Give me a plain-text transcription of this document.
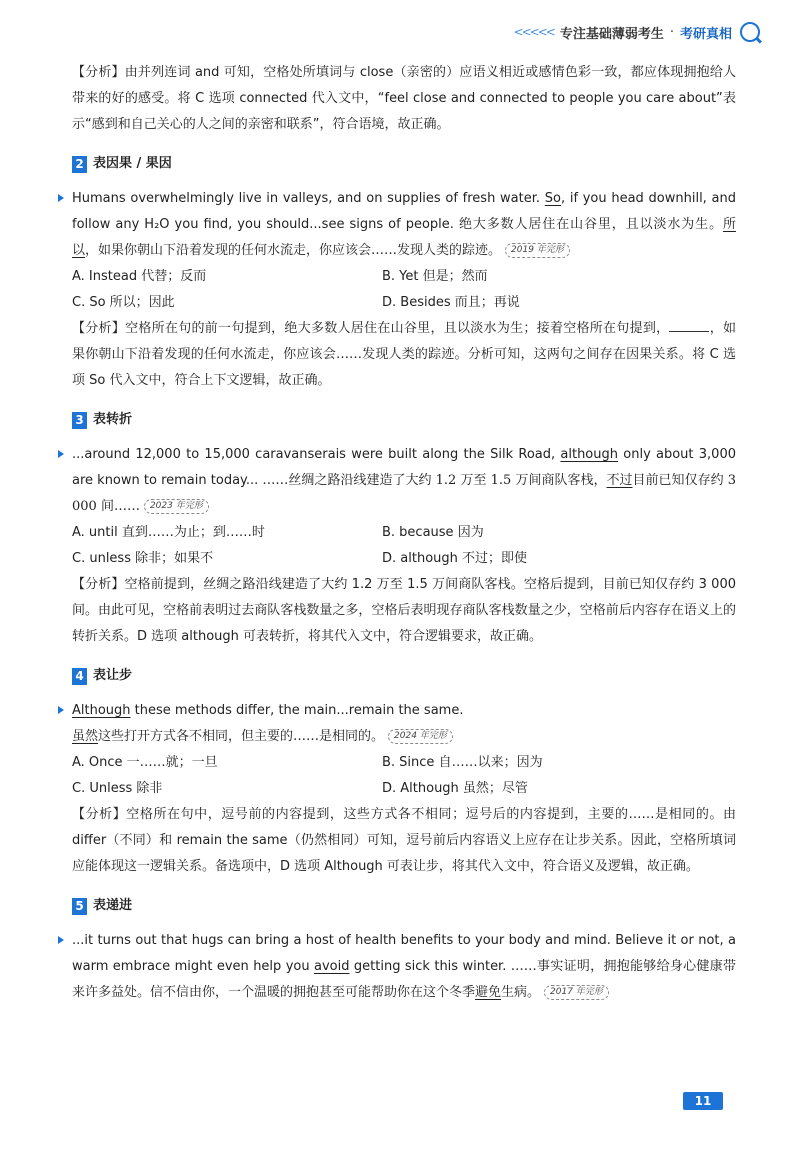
<<<<< 专注基础薄弱考生 · 考研真相

【分析】由并列连词 and 可知，空格处所填词与 close（亲密的）应语义相近或感情色彩一致，都应体现拥抱给人带来的好的感受。将 C 选项 connected 代入文中，“feel close and connected to people you care about”表示“感到和自己关心的人之间的亲密和联系”，符合语境，故正确。

2 表因果 / 果因

Humans overwhelmingly live in valleys, and on supplies of fresh water. So, if you head downhill, and follow any H₂O you find, you should...see signs of people. 绝大多数人居住在山谷里，且以淡水为生。所以，如果你朝山下沿着发现的任何水流走，你应该会……发现人类的踪迹。 2019 年完形

A. Instead 代替；反而	B. Yet 但是；然而
C. So 所以；因此	D. Besides 而且；再说

【分析】空格所在句的前一句提到，绝大多数人居住在山谷里，且以淡水为生；接着空格所在句提到，	，如果你朝山下沿着发现的任何水流走，你应该会……发现人类的踪迹。分析可知，这两句之间存在因果关系。将 C 选项 So 代入文中，符合上下文逻辑，故正确。

3 表转折

...around 12,000 to 15,000 caravanserais were built along the Silk Road, although only about 3,000 are known to remain today... ……丝绸之路沿线建造了大约 1.2 万至 1.5 万间商队客栈，不过目前已知仅存约 3 000 间…… 2023 年完形

A. until 直到……为止；到……时	B. because 因为
C. unless 除非；如果不	D. although 不过；即使

【分析】空格前提到，丝绸之路沿线建造了大约 1.2 万至 1.5 万间商队客栈。空格后提到，目前已知仅存约 3 000 间。由此可见，空格前表明过去商队客栈数量之多，空格后表明现存商队客栈数量之少，空格前后内容存在语义上的转折关系。D 选项 although 可表转折，将其代入文中，符合逻辑要求，故正确。

4 表让步

Although these methods differ, the main...remain the same.
虽然这些打开方式各不相同，但主要的……是相同的。 2024 年完形

A. Once 一……就；一旦	B. Since 自……以来；因为
C. Unless 除非	D. Although 虽然；尽管

【分析】空格所在句中，逗号前的内容提到，这些方式各不相同；逗号后的内容提到，主要的……是相同的。由 differ（不同）和 remain the same（仍然相同）可知，逗号前后内容语义上应存在让步关系。因此，空格所填词应能体现这一逻辑关系。备选项中，D 选项 Although 可表让步，将其代入文中，符合语义及逻辑，故正确。

5 表递进

...it turns out that hugs can bring a host of health benefits to your body and mind. Believe it or not, a warm embrace might even help you avoid getting sick this winter. ……事实证明，拥抱能够给身心健康带来许多益处。信不信由你，一个温暖的拥抱甚至可能帮助你在这个冬季避免生病。 2017 年完形

11
